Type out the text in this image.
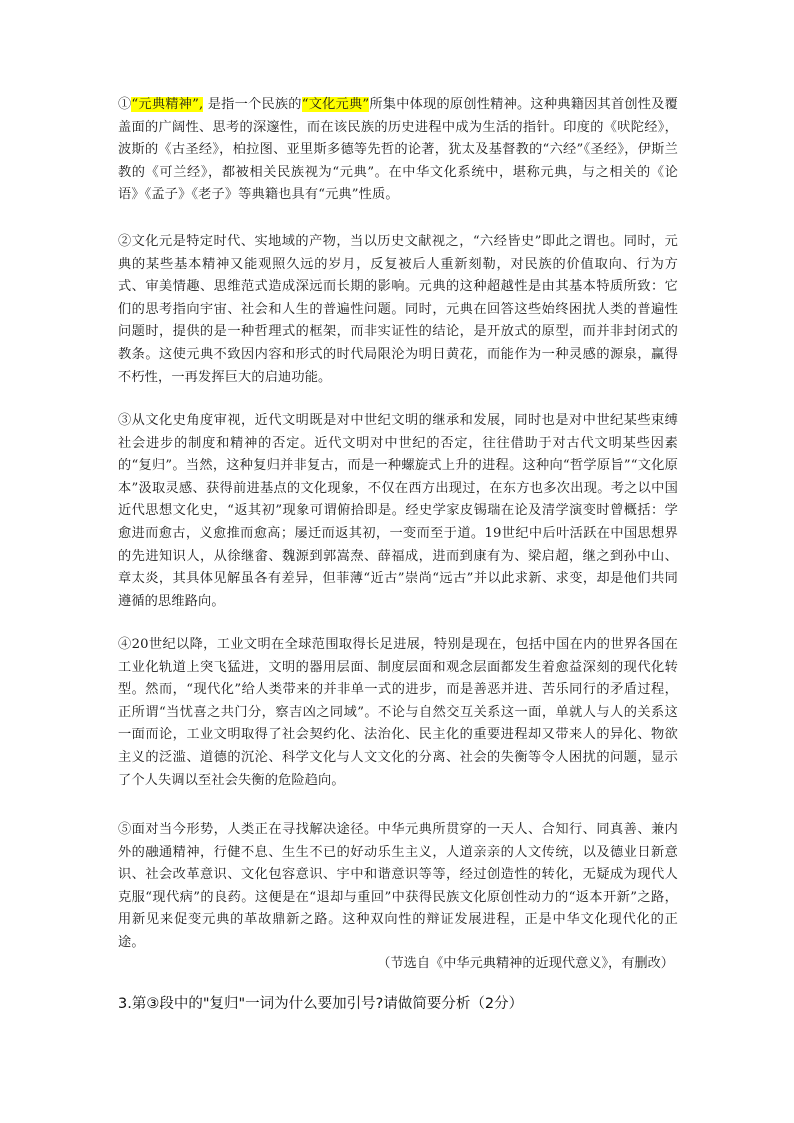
①“元典精神”, 是指一个民族的“文化元典”所集中体现的原创性精神。这种典籍因其首创性及覆盖面的广阔性、思考的深邃性，而在该民族的历史进程中成为生活的指针。印度的《吠陀经》，波斯的《古圣经》，柏拉图、亚里斯多德等先哲的论著，犹太及基督教的“六经”《圣经》，伊斯兰教的《可兰经》，都被相关民族视为“元典”。在中华文化系统中，堪称元典，与之相关的《论语》《孟子》《老子》等典籍也具有“元典”性质。

②文化元是特定时代、实地域的产物，当以历史文献视之，“六经皆史”即此之谓也。同时，元典的某些基本精神又能观照久远的岁月，反复被后人重新刻勒，对民族的价值取向、行为方式、审美情趣、思维范式造成深远而长期的影响。元典的这种超越性是由其基本特质所致：它们的思考指向宇宙、社会和人生的普遍性问题。同时，元典在回答这些始终困扰人类的普遍性问题时，提供的是一种哲理式的框架，而非实证性的结论，是开放式的原型，而并非封闭式的教条。这使元典不致因内容和形式的时代局限沦为明日黄花，而能作为一种灵感的源泉，赢得不朽性，一再发挥巨大的启迪功能。

③从文化史角度审视，近代文明既是对中世纪文明的继承和发展，同时也是对中世纪某些束缚社会进步的制度和精神的否定。近代文明对中世纪的否定，往往借助于对古代文明某些因素的“复归”。当然，这种复归并非复古，而是一种螺旋式上升的进程。这种向“哲学原旨”“文化原本”汲取灵感、获得前进基点的文化现象，不仅在西方出现过，在东方也多次出现。考之以中国近代思想文化史，“返其初”现象可谓俯拾即是。经史学家皮锡瑞在论及清学演变时曾概括：学愈进而愈古，义愈推而愈高；屡迁而返其初，一变而至于道。19世纪中后叶活跃在中国思想界的先进知识人，从徐继畲、魏源到郭嵩焘、薛福成，进而到康有为、梁启超，继之到孙中山、章太炎，其具体见解虽各有差异，但菲薄“近古”崇尚“远古”并以此求新、求变，却是他们共同遵循的思维路向。

④20世纪以降，工业文明在全球范围取得长足进展，特别是现在，包括中国在内的世界各国在工业化轨道上突飞猛进，文明的器用层面、制度层面和观念层面都发生着愈益深刻的现代化转型。然而，“现代化”给人类带来的并非单一式的进步，而是善恶并进、苦乐同行的矛盾过程，正所谓“当忧喜之共门分，察吉凶之同域”。不论与自然交互关系这一面，单就人与人的关系这一面而论，工业文明取得了社会契约化、法治化、民主化的重要进程却又带来人的异化、物欲主义的泛滥、道德的沉沦、科学文化与人文文化的分离、社会的失衡等令人困扰的问题，显示了个人失调以至社会失衡的危险趋向。

⑤面对当今形势，人类正在寻找解决途径。中华元典所贯穿的一天人、合知行、同真善、兼内外的融通精神，行健不息、生生不已的好动乐生主义，人道亲亲的人文传统，以及德业日新意识、社会改革意识、文化包容意识、宇中和谐意识等等，经过创造性的转化，无疑成为现代人克服“现代病”的良药。这便是在“退却与重回”中获得民族文化原创性动力的“返本开新”之路，用新见来促变元典的革故鼎新之路。这种双向性的辩证发展进程，正是中华文化现代化的正途。

（节选自《中华元典精神的近现代意义》，有删改）

3.第③段中的"复归"一词为什么要加引号?请做简要分析（2分）
